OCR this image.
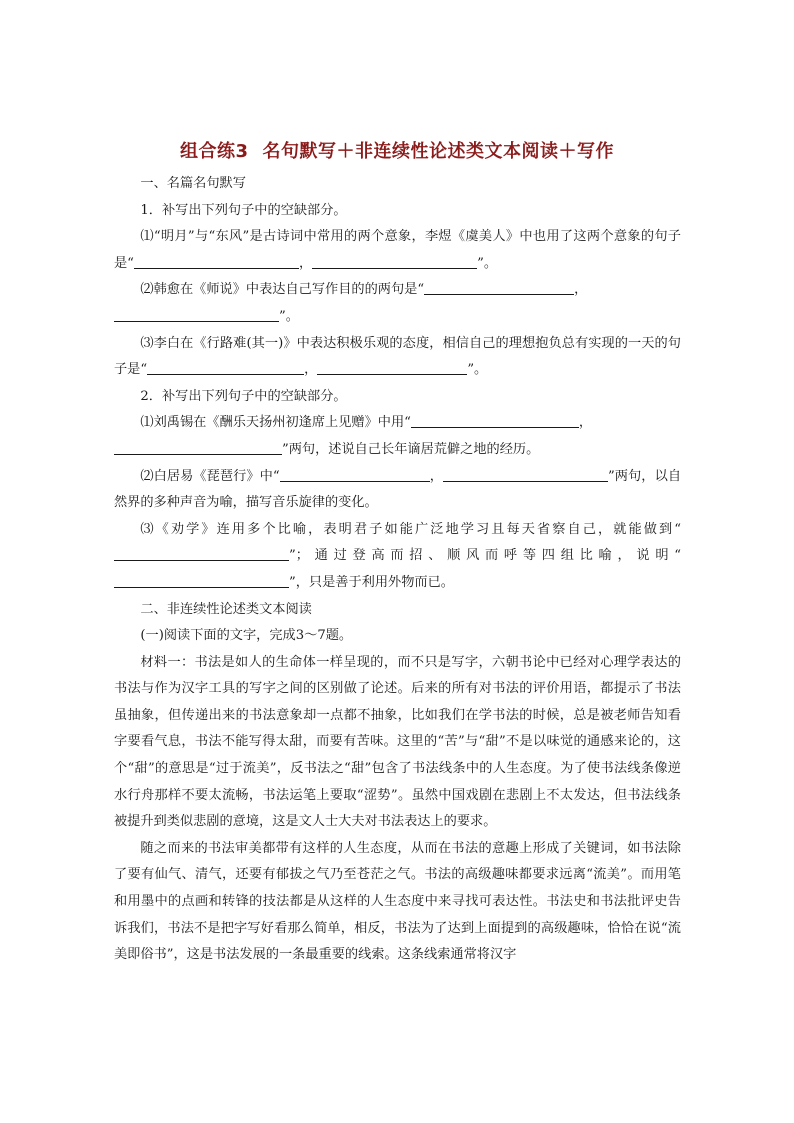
组合练3 名句默写＋非连续性论述类文本阅读＋写作

一、名篇名句默写

1．补写出下列句子中的空缺部分。

⑴“明月”与“东风”是古诗词中常用的两个意象，李煜《虞美人》中也用了这两个意象的句子是“	，	”。

⑵韩愈在《师说》中表达自己写作目的的两句是“	，
”。

⑶李白在《行路难(其一)》中表达积极乐观的态度，相信自己的理想抱负总有实现的一天的句子是“	，	”。

2．补写出下列句子中的空缺部分。

⑴刘禹锡在《酬乐天扬州初逢席上见赠》中用“	，
”两句，述说自己长年谪居荒僻之地的经历。

⑵白居易《琵琶行》中“	，	”两句，以自然界的多种声音为喻，描写音乐旋律的变化。

⑶《劝学》连用多个比喻，表明君子如能广泛地学习且每天省察自己，就能做到“”；通过登高而招、顺风而呼等四组比喻，说明“”，只是善于利用外物而已。

二、非连续性论述类文本阅读

(一)阅读下面的文字，完成3～7题。

材料一：书法是如人的生命体一样呈现的，而不只是写字，六朝书论中已经对心理学表达的书法与作为汉字工具的写字之间的区别做了论述。后来的所有对书法的评价用语，都提示了书法虽抽象，但传递出来的书法意象却一点都不抽象，比如我们在学书法的时候，总是被老师告知看字要看气息，书法不能写得太甜，而要有苦味。这里的“苦”与“甜”不是以味觉的通感来论的，这个“甜”的意思是“过于流美”，反书法之“甜”包含了书法线条中的人生态度。为了使书法线条像逆水行舟那样不要太流畅，书法运笔上要取“涩势”。虽然中国戏剧在悲剧上不太发达，但书法线条被提升到类似悲剧的意境，这是文人士大夫对书法表达上的要求。

随之而来的书法审美都带有这样的人生态度，从而在书法的意趣上形成了关键词，如书法除了要有仙气、清气，还要有郁拔之气乃至苍茫之气。书法的高级趣味都要求远离“流美”。而用笔和用墨中的点画和转锋的技法都是从这样的人生态度中来寻找可表达性。书法史和书法批评史告诉我们，书法不是把字写好看那么简单，相反，书法为了达到上面提到的高级趣味，恰恰在说“流美即俗书”，这是书法发展的一条最重要的线索。这条线索通常将汉字
